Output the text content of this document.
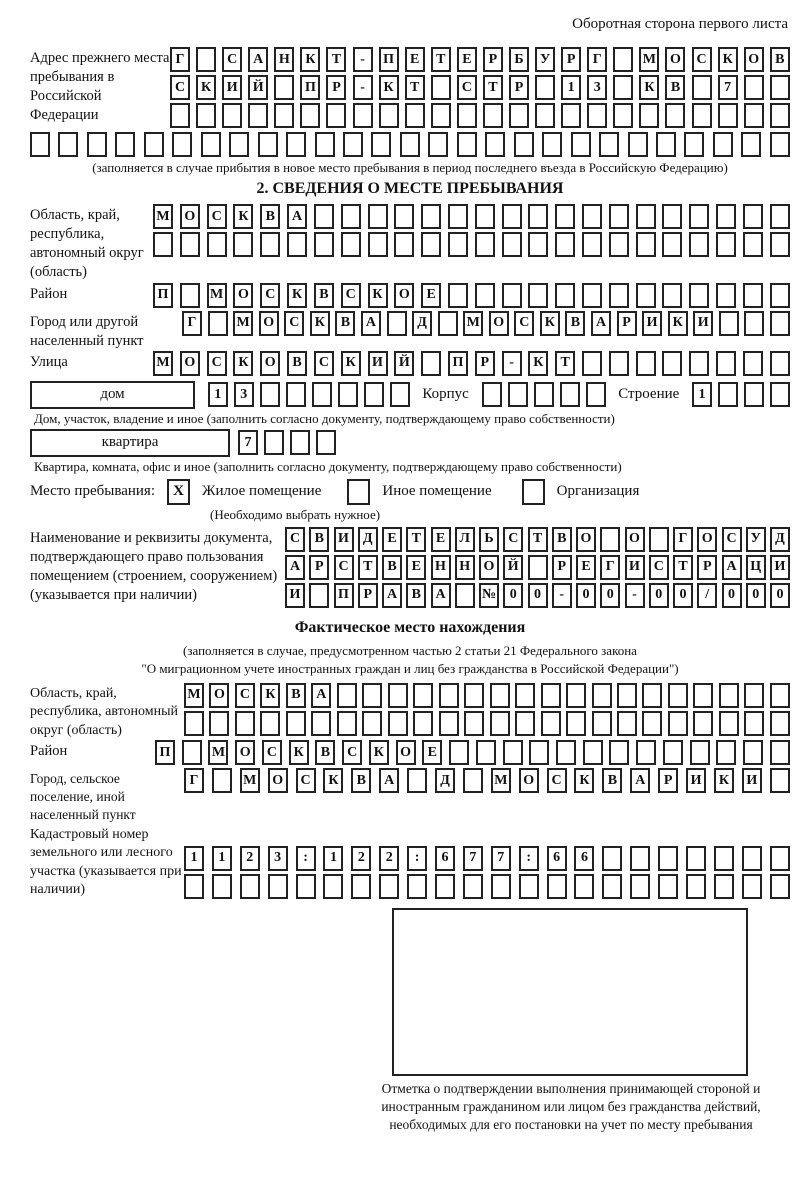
Оборотная сторона первого листа
Адрес прежнего места пребывания в Российской Федерации
Г	С	А	Н	К	Т	-	П	Е	Т	Е	Р	Б	У	Р	Г	М	О	С	К	О	В
С	К	И	Й	П	Р	-	К	Т	С	Т	Р	1	3	К	В	7
(заполняется в случае прибытия в новое место пребывания в период последнего въезда в Российскую Федерацию)
2. СВЕДЕНИЯ О МЕСТЕ ПРЕБЫВАНИЯ
Область, край, республика, автономный округ (область)
М	О	С	К	В	А
Район	П	М	О	С	К	В	С	К	О	Е
Город или другой населенный пункт
Г	М О	С	К	В	А	Д	М О	С	К	В	А	Р	И	К	И
Улица	М	О	С	К	О	В	С	К	И	Й	П	Р	-	К	Т
дом	1	3	Корпус	Строение	1
Дом, участок, владение и иное (заполнить согласно документу, подтверждающему право собственности)
квартира	7
Квартира, комната, офис и иное (заполнить согласно документу, подтверждающему право собственности)
Место пребывания:	X	Жилое помещение	Иное помещение	Организация
(Необходимо выбрать нужное)
Наименование и реквизиты документа, подтверждающего право пользования помещением (строением, сооружением) (указывается при наличии)
С	В	И Д	Е	Т	Е	Л	Ь	С	Т	В	О	О	Г	О С	У	Д
А	Р	С	Т	В	Е	Н Н О Й	Р	Е	Г	И С	Т	Р	А Ц И
И	П	Р	А	В	А	№ 0	0	-	0	0	-	0	0	/	0	0	0
Фактическое место нахождения
(заполняется в случае, предусмотренном частью 2 статьи 21 Федерального закона
"О миграционном учете иностранных граждан и лиц без гражданства в Российской Федерации")
Область, край, республика, автономный округ (область)
М О	С	К	В	А
Район	П	М	О	С	К	В	С	К	О	Е
Город, сельское поселение, иной населенный пункт
Г	М	О	С	К	В	А	Д	М	О	С	К	В	А	Р	И	К	И
Кадастровый номер земельного или лесного участка (указывается при наличии)
1	1	2	3	:	1	2	2	:	6	7	7	:	6	6
Отметка о подтверждении выполнения принимающей стороной и иностранным гражданином или лицом без гражданства действий, необходимых для его постановки на учет по месту пребывания
